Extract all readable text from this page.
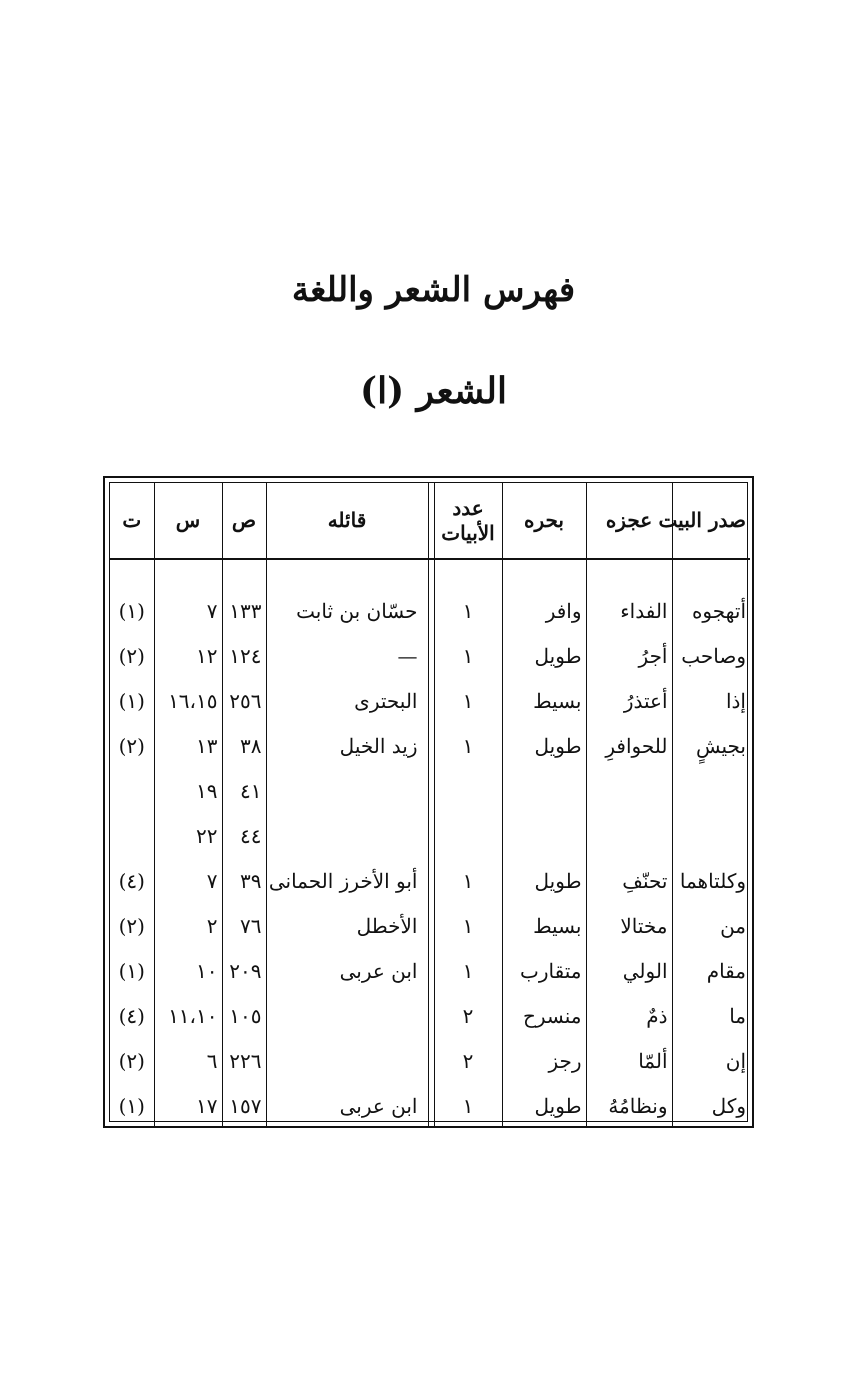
فهرس الشعر واللغة
(ا) الشعر
صدر البيت	عجزه	بحره	عدد الأبيات		قائله	ص	س	ت

أتهجوه	الفداء	وافر	١		حسّان بن ثابت	١٣٣	٧	(١)
وصاحب	أجرُ	طويل	١		—	١٢٤	١٢	(٢)
إذا	أعتذرُ	بسيط	١		البحترى	٢٥٦	١٦،١٥	(١)
بجيشٍ	للحوافرِ	طويل	١		زيد الخيل	٣٨	١٣	(٢)
						٤١	١٩	
						٤٤	٢٢	
وكلتاهما	تحنّفِ	طويل	١		أبو الأخرز الحمانى	٣٩	٧	(٤)
من	مختالا	بسيط	١		الأخطل	٧٦	٢	(٢)
مقام	الولي	متقارب	١		ابن عربى	٢٠٩	١٠	(١)
ما	ذمٌ	منسرح	٢			١٠٥	١١،١٠	(٤)
إن	ألمّا	رجز	٢			٢٢٦	٦	(٢)
وكل	ونظامُهُ	طويل	١		ابن عربى	١٥٧	١٧	(١)
